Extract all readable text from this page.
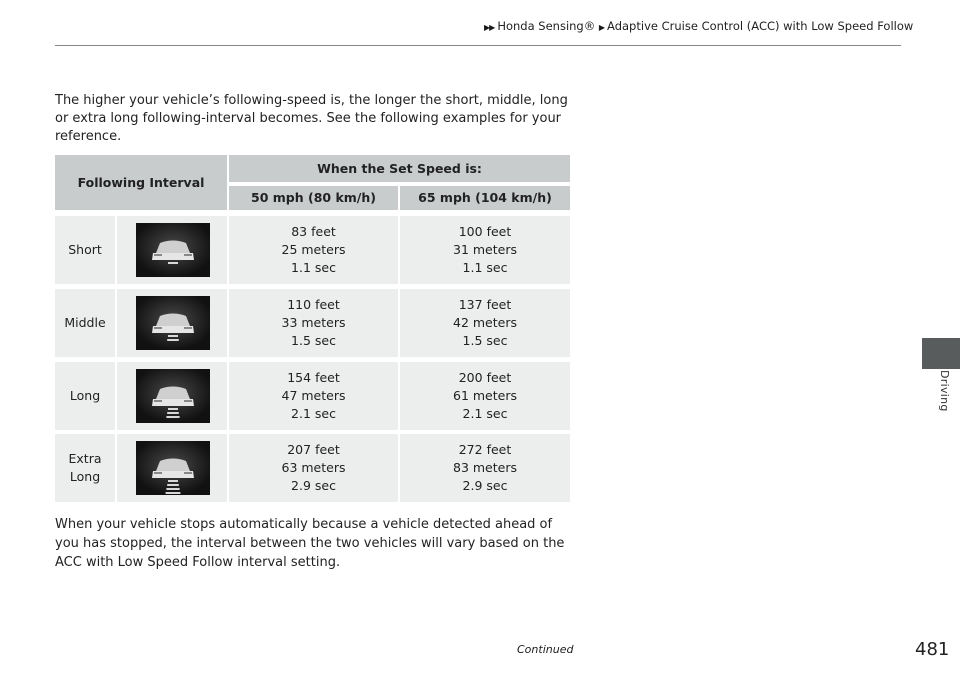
▶▶ Honda Sensing® ▶ Adaptive Cruise Control (ACC) with Low Speed Follow
The higher your vehicle’s following-speed is, the longer the short, middle, long or extra long following-interval becomes. See the following examples for your reference.
Following Interval
When the Set Speed is:
50 mph (80 km/h)	65 mph (104 km/h)
Short
83 feet
25 meters
1.1 sec
100 feet
31 meters
1.1 sec
Middle
110 feet
33 meters
1.5 sec
137 feet
42 meters
1.5 sec
Long
154 feet
47 meters
2.1 sec
200 feet
61 meters
2.1 sec
Extra
Long
207 feet
63 meters
2.9 sec
272 feet
83 meters
2.9 sec
When your vehicle stops automatically because a vehicle detected ahead of you has stopped, the interval between the two vehicles will vary based on the ACC with Low Speed Follow interval setting.
Driving
Continued	481
